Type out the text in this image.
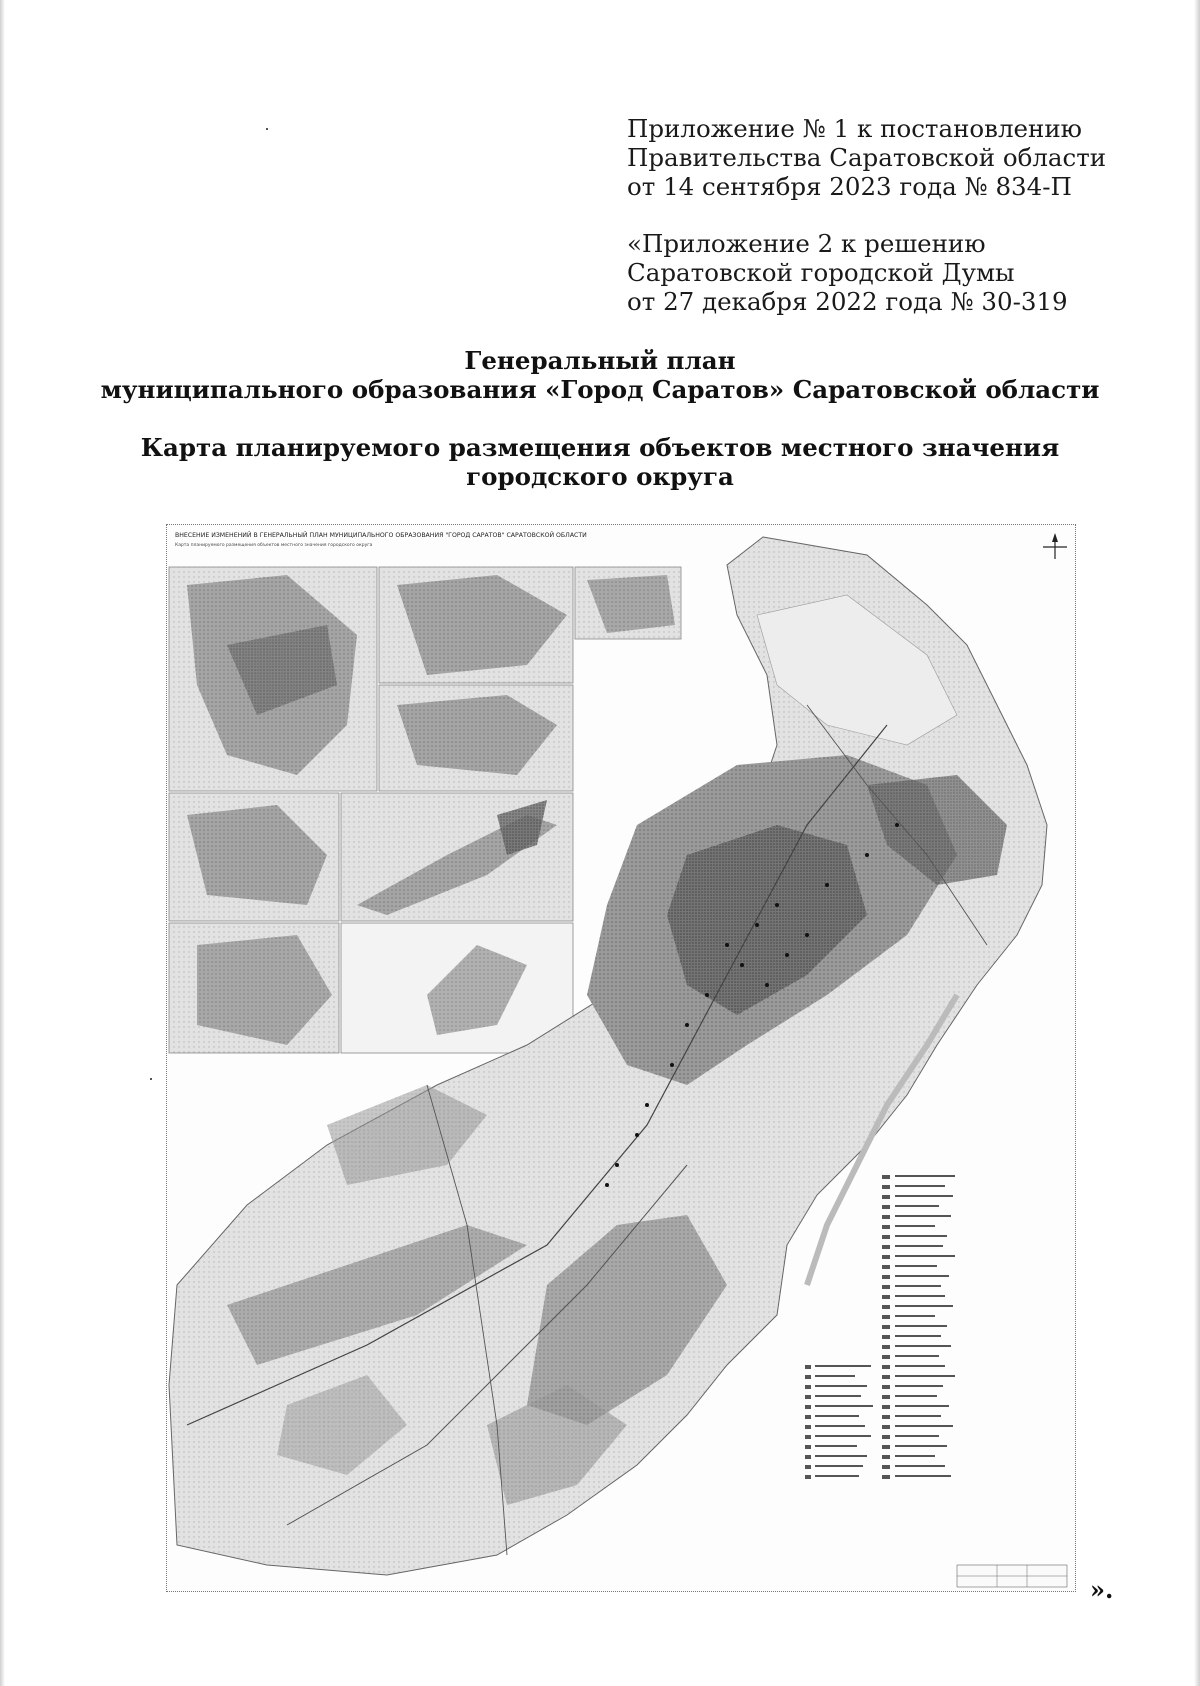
Приложение № 1 к постановлению
Правительства Саратовской области
от 14 сентября 2023 года № 834-П
«Приложение 2 к решению
Саратовской городской Думы
от 27 декабря 2022 года № 30-319
Генеральный план
муниципального образования «Город Саратов» Саратовской области
Карта планируемого размещения объектов местного значения
городского округа
ВНЕСЕНИЕ ИЗМЕНЕНИЙ В ГЕНЕРАЛЬНЫЙ ПЛАН МУНИЦИПАЛЬНОГО ОБРАЗОВАНИЯ "ГОРОД САРАТОВ" САРАТОВСКОЙ ОБЛАСТИ
Карта планируемого размещения объектов местного значения городского округа
».
